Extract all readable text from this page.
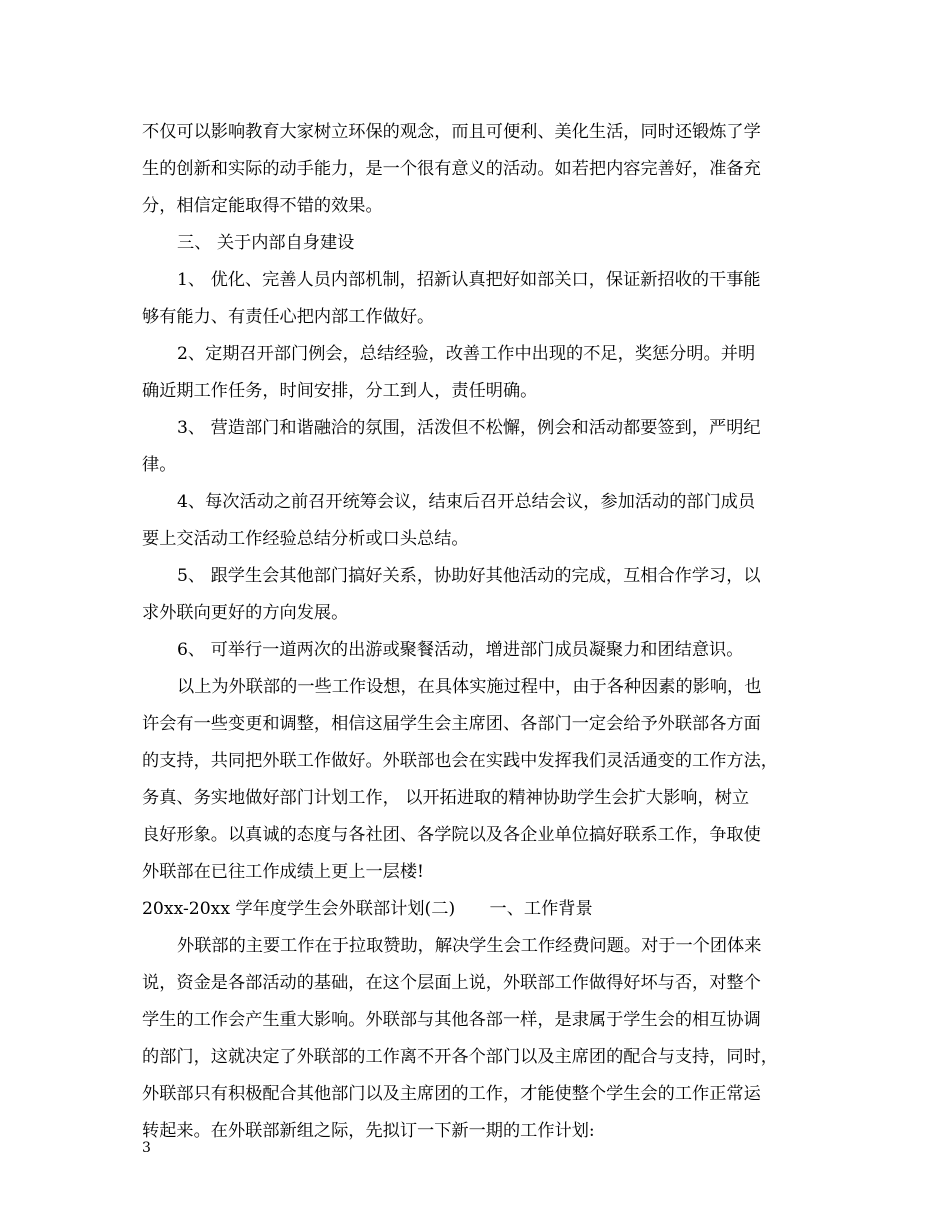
不仅可以影响教育大家树立环保的观念，而且可便利、美化生活，同时还锻炼了学
生的创新和实际的动手能力，是一个很有意义的活动。如若把内容完善好，准备充
分，相信定能取得不错的效果。
三、 关于内部自身建设
1、 优化、完善人员内部机制，招新认真把好如部关口，保证新招收的干事能
够有能力、有责任心把内部工作做好。
2、定期召开部门例会，总结经验，改善工作中出现的不足，奖惩分明。并明
确近期工作任务，时间安排，分工到人，责任明确。
3、 营造部门和谐融洽的氛围，活泼但不松懈，例会和活动都要签到，严明纪
律。
4、每次活动之前召开统筹会议，结束后召开总结会议，参加活动的部门成员
要上交活动工作经验总结分析或口头总结。
5、 跟学生会其他部门搞好关系，协助好其他活动的完成，互相合作学习，以
求外联向更好的方向发展。
6、 可举行一道两次的出游或聚餐活动，增进部门成员凝聚力和团结意识。
以上为外联部的一些工作设想，在具体实施过程中，由于各种因素的影响，也
许会有一些变更和调整，相信这届学生会主席团、各部门一定会给予外联部各方面
的支持，共同把外联工作做好。外联部也会在实践中发挥我们灵活通变的工作方法，
务真、务实地做好部门计划工作， 以开拓进取的精神协助学生会扩大影响，树立
良好形象。以真诚的态度与各社团、各学院以及各企业单位搞好联系工作，争取使
外联部在已往工作成绩上更上一层楼!
20xx-20xx 学年度学生会外联部计划(二)　　一、工作背景
外联部的主要工作在于拉取赞助，解决学生会工作经费问题。对于一个团体来
说，资金是各部活动的基础，在这个层面上说，外联部工作做得好坏与否，对整个
学生的工作会产生重大影响。外联部与其他各部一样，是隶属于学生会的相互协调
的部门，这就决定了外联部的工作离不开各个部门以及主席团的配合与支持，同时，
外联部只有积极配合其他部门以及主席团的工作，才能使整个学生会的工作正常运
转起来。在外联部新组之际，先拟订一下新一期的工作计划:
3
